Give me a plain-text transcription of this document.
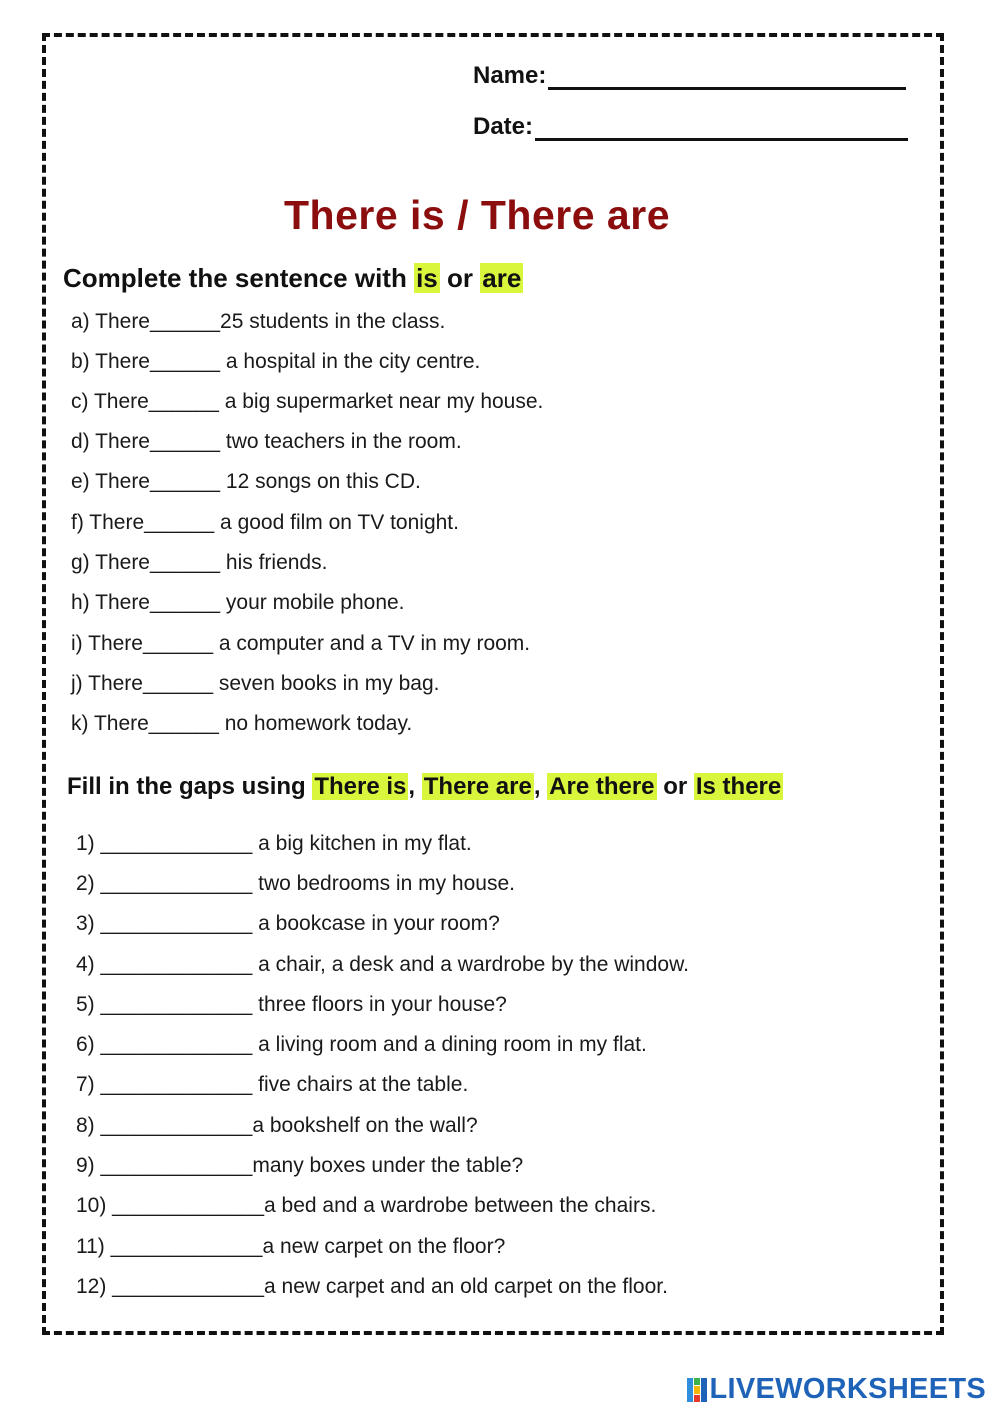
Name:
Date:
There is / There are
Complete the sentence with is or are
a) There______25 students in the class.
b) There______ a hospital in the city centre.
c) There______ a big supermarket near my house.
d) There______ two teachers in the room.
e) There______ 12 songs on this CD.
f) There______ a good film on TV tonight.
g) There______ his friends.
h) There______ your mobile phone.
i) There______ a computer and a TV in my room.
j) There______ seven books in my bag.
k) There______ no homework today.
Fill in the gaps using There is, There are, Are there or Is there
1) _____________ a big kitchen in my flat.
2) _____________ two bedrooms in my house.
3) _____________ a bookcase in your room?
4) _____________ a chair, a desk and a wardrobe by the window.
5) _____________ three floors in your house?
6) _____________ a living room and a dining room in my flat.
7) _____________ five chairs at the table.
8) _____________a bookshelf on the wall?
9) _____________many boxes under the table?
10) _____________a bed and a wardrobe between the chairs.
11) _____________a new carpet on the floor?
12) _____________a new carpet and an old carpet on the floor.
LIVEWORKSHEETS
